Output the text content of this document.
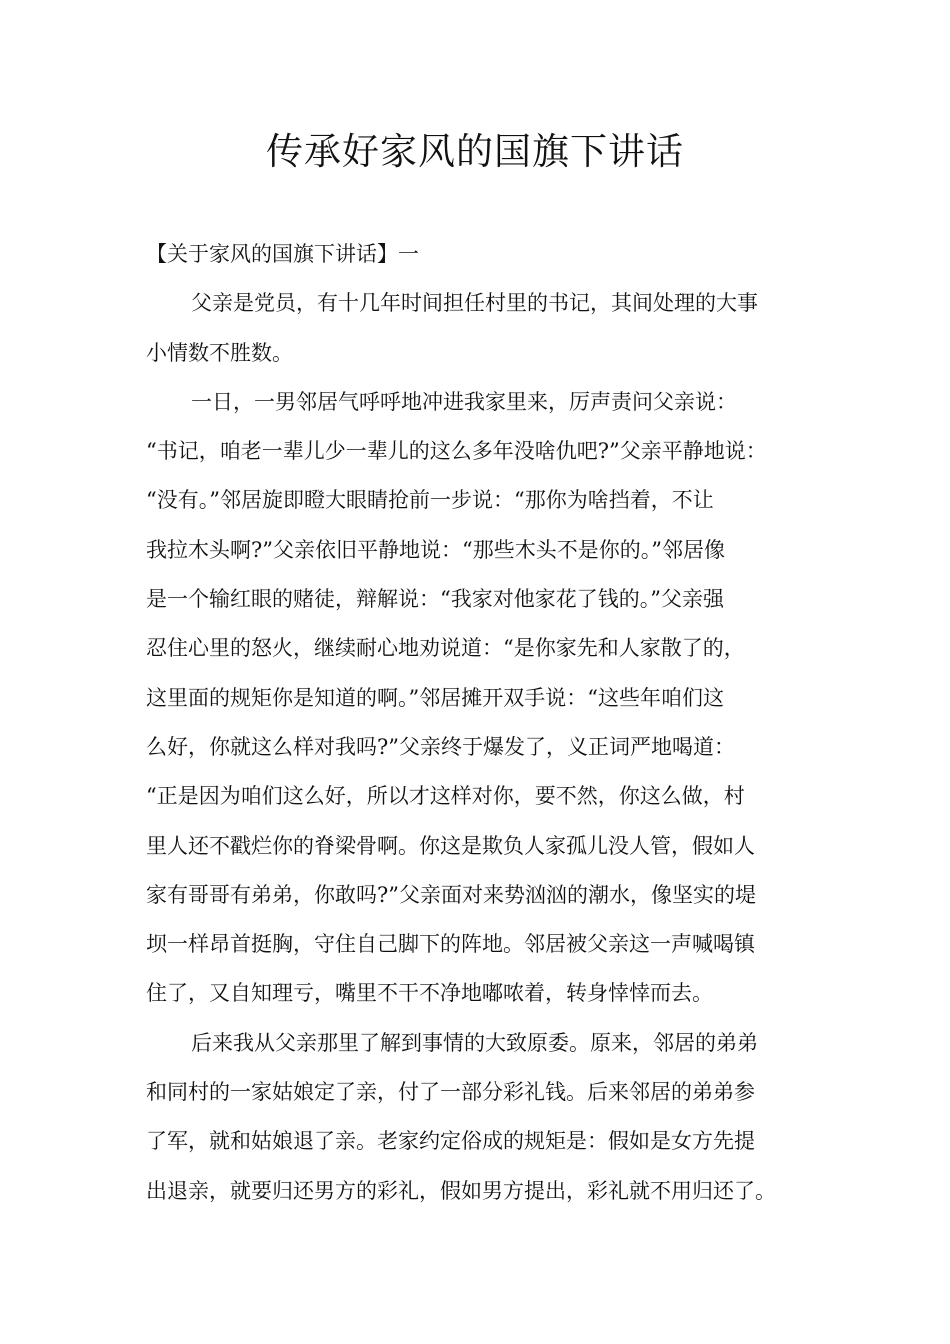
传承好家风的国旗下讲话
【关于家风的国旗下讲话】一
父亲是党员，有十几年时间担任村里的书记，其间处理的大事
小情数不胜数。
一日，一男邻居气呼呼地冲进我家里来，厉声责问父亲说：
“书记，咱老一辈儿少一辈儿的这么多年没啥仇吧?”父亲平静地说：
“没有。”邻居旋即瞪大眼睛抢前一步说：“那你为啥挡着，不让
我拉木头啊?”父亲依旧平静地说：“那些木头不是你的。”邻居像
是一个输红眼的赌徒，辩解说：“我家对他家花了钱的。”父亲强
忍住心里的怒火，继续耐心地劝说道：“是你家先和人家散了的，
这里面的规矩你是知道的啊。”邻居摊开双手说：“这些年咱们这
么好，你就这么样对我吗?”父亲终于爆发了，义正词严地喝道：
“正是因为咱们这么好，所以才这样对你，要不然，你这么做，村
里人还不戳烂你的脊梁骨啊。你这是欺负人家孤儿没人管，假如人
家有哥哥有弟弟，你敢吗?”父亲面对来势汹汹的潮水，像坚实的堤
坝一样昂首挺胸，守住自己脚下的阵地。邻居被父亲这一声喊喝镇
住了，又自知理亏，嘴里不干不净地嘟哝着，转身悻悻而去。
后来我从父亲那里了解到事情的大致原委。原来，邻居的弟弟
和同村的一家姑娘定了亲，付了一部分彩礼钱。后来邻居的弟弟参
了军，就和姑娘退了亲。老家约定俗成的规矩是：假如是女方先提
出退亲，就要归还男方的彩礼，假如男方提出，彩礼就不用归还了。
